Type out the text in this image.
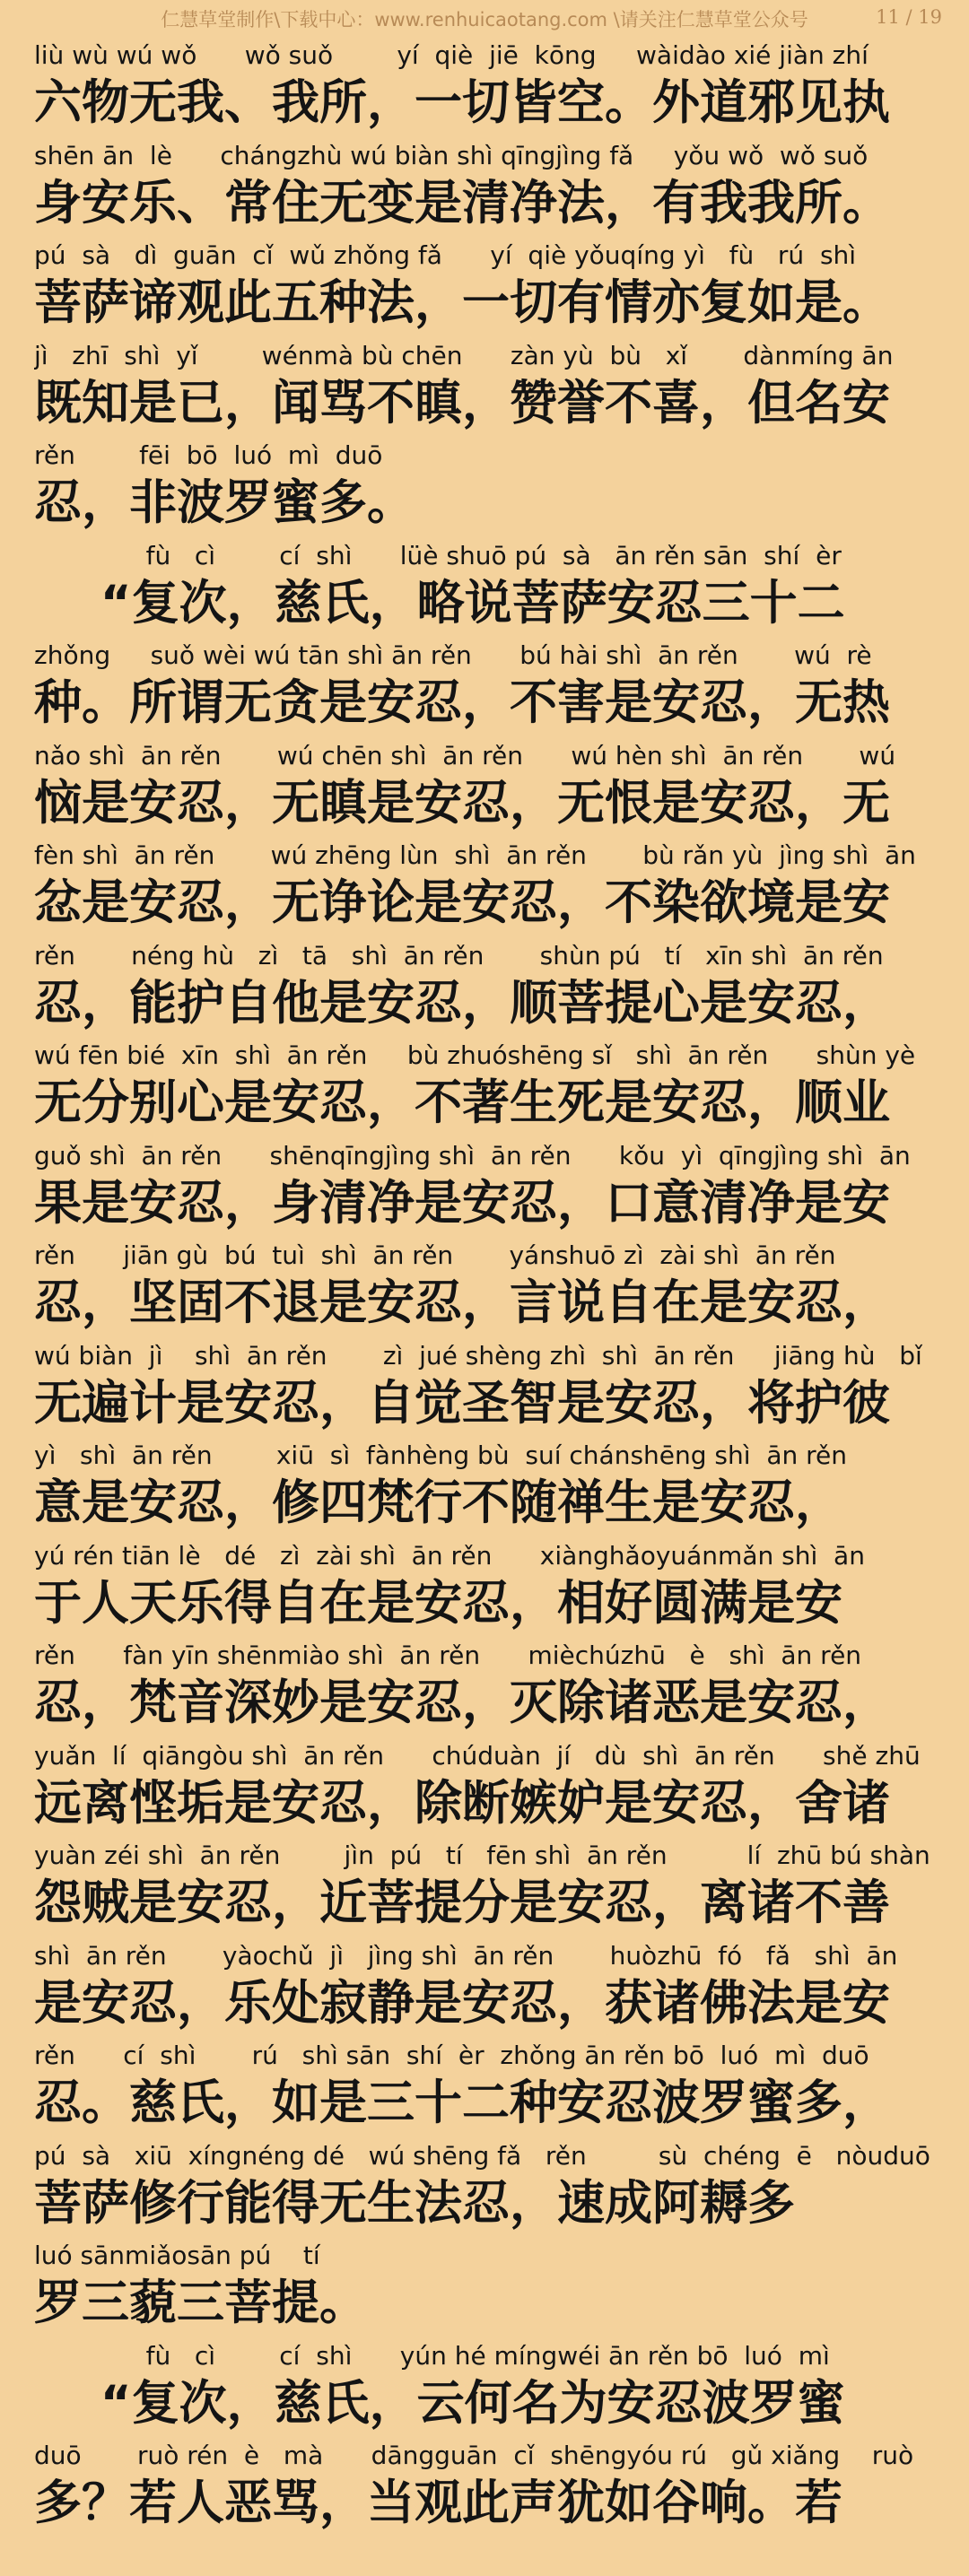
仁慧草堂制作\下载中心：www.renhuicaotang.com \请关注仁慧草堂公众号	11 / 19
liù wù wú wǒ      wǒ suǒ        yí  qiè  jiē  kōng     wàidào xié jiàn zhí
六物无我、我所，一切皆空。外道邪见执
shēn ān  lè      chángzhù wú biàn shì qīngjìng fǎ     yǒu wǒ  wǒ suǒ
身安乐、常住无变是清净法，有我我所。
pú  sà   dì  guān  cǐ  wǔ zhǒng fǎ      yí  qiè yǒuqíng yì   fù   rú  shì
菩萨谛观此五种法，一切有情亦复如是。
jì   zhī  shì  yǐ        wénmà bù chēn      zàn yù  bù   xǐ       dànmíng ān
既知是已，闻骂不瞋，赞誉不喜，但名安
rěn        fēi  bō  luó  mì  duō
忍，非波罗蜜多。
fù   cì        cí  shì      lüè shuō pú  sà   ān rěn sān  shí  èr
“复次，慈氏，略说菩萨安忍三十二
zhǒng     suǒ wèi wú tān shì ān rěn      bú hài shì  ān rěn       wú  rè
种。所谓无贪是安忍，不害是安忍，无热
nǎo shì  ān rěn       wú chēn shì  ān rěn      wú hèn shì  ān rěn       wú
恼是安忍，无瞋是安忍，无恨是安忍，无
fèn shì  ān rěn       wú zhēng lùn  shì  ān rěn       bù rǎn yù  jìng shì  ān
忿是安忍，无诤论是安忍，不染欲境是安
rěn       néng hù   zì   tā   shì  ān rěn       shùn pú   tí   xīn shì  ān rěn
忍，能护自他是安忍，顺菩提心是安忍，
wú fēn bié  xīn  shì  ān rěn     bù zhuóshēng sǐ   shì  ān rěn      shùn yè
无分别心是安忍，不著生死是安忍，顺业
guǒ shì  ān rěn      shēnqīngjìng shì  ān rěn      kǒu  yì  qīngjìng shì  ān
果是安忍，身清净是安忍，口意清净是安
rěn      jiān gù  bú  tuì  shì  ān rěn       yánshuō zì  zài shì  ān rěn
忍，坚固不退是安忍，言说自在是安忍，
wú biàn  jì    shì  ān rěn       zì  jué shèng zhì  shì  ān rěn     jiāng hù   bǐ
无遍计是安忍，自觉圣智是安忍，将护彼
yì   shì  ān rěn        xiū  sì  fànhèng bù  suí chánshēng shì  ān rěn
意是安忍，修四梵行不随禅生是安忍，
yú rén tiān lè   dé   zì  zài shì  ān rěn      xiànghǎoyuánmǎn shì  ān
于人天乐得自在是安忍，相好圆满是安
rěn      fàn yīn shēnmiào shì  ān rěn      mièchúzhū   è   shì  ān rěn
忍，梵音深妙是安忍，灭除诸恶是安忍，
yuǎn  lí  qiāngòu shì  ān rěn      chúduàn  jí   dù  shì  ān rěn      shě zhū
远离悭垢是安忍，除断嫉妒是安忍，舍诸
yuàn zéi shì  ān rěn        jìn  pú   tí   fēn shì  ān rěn          lí  zhū bú shàn
怨贼是安忍，近菩提分是安忍，离诸不善
shì  ān rěn       yàochǔ  jì   jìng shì  ān rěn       huòzhū  fó   fǎ   shì  ān
是安忍，乐处寂静是安忍，获诸佛法是安
rěn      cí  shì       rú   shì sān  shí  èr  zhǒng ān rěn bō  luó  mì  duō
忍。慈氏，如是三十二种安忍波罗蜜多，
pú  sà   xiū  xíngnéng dé   wú shēng fǎ   rěn         sù  chéng  ē   nòuduō
菩萨修行能得无生法忍，速成阿耨多
luó sānmiǎosān pú    tí
罗三藐三菩提。
fù   cì        cí  shì      yún hé míngwéi ān rěn bō  luó  mì
“复次，慈氏，云何名为安忍波罗蜜
duō       ruò rén  è   mà      dāngguān  cǐ  shēngyóu rú   gǔ xiǎng    ruò
多？若人恶骂，当观此声犹如谷响。若
